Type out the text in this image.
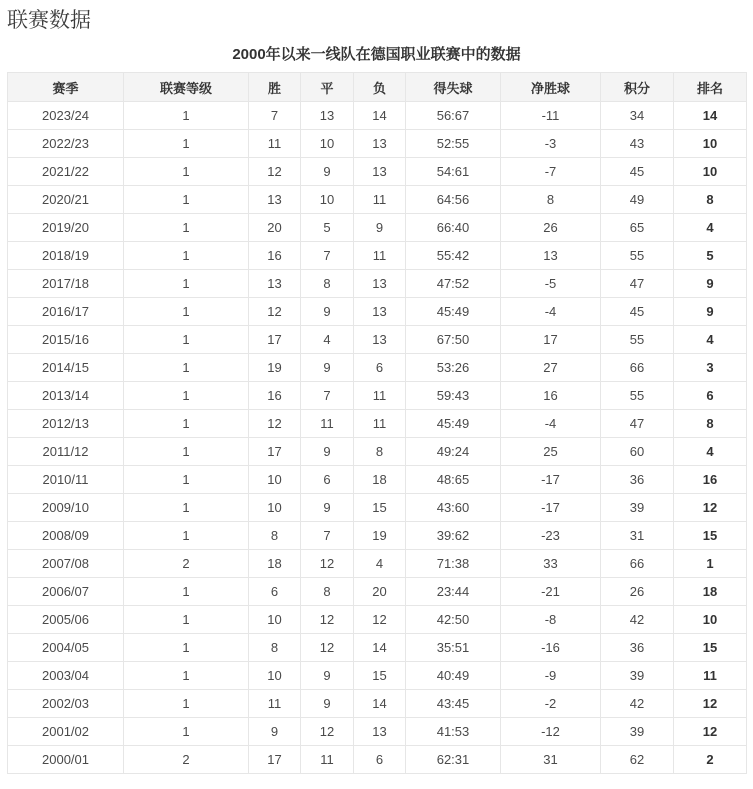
联赛数据
2000年以来一线队在德国职业联赛中的数据
赛季	联赛等级	胜	平	负	得失球	净胜球	积分	排名
2023/24	1	7	13	14	56:67	-11	34	14
2022/23	1	11	10	13	52:55	-3	43	10
2021/22	1	12	9	13	54:61	-7	45	10
2020/21	1	13	10	11	64:56	8	49	8
2019/20	1	20	5	9	66:40	26	65	4
2018/19	1	16	7	11	55:42	13	55	5
2017/18	1	13	8	13	47:52	-5	47	9
2016/17	1	12	9	13	45:49	-4	45	9
2015/16	1	17	4	13	67:50	17	55	4
2014/15	1	19	9	6	53:26	27	66	3
2013/14	1	16	7	11	59:43	16	55	6
2012/13	1	12	11	11	45:49	-4	47	8
2011/12	1	17	9	8	49:24	25	60	4
2010/11	1	10	6	18	48:65	-17	36	16
2009/10	1	10	9	15	43:60	-17	39	12
2008/09	1	8	7	19	39:62	-23	31	15
2007/08	2	18	12	4	71:38	33	66	1
2006/07	1	6	8	20	23:44	-21	26	18
2005/06	1	10	12	12	42:50	-8	42	10
2004/05	1	8	12	14	35:51	-16	36	15
2003/04	1	10	9	15	40:49	-9	39	11
2002/03	1	11	9	14	43:45	-2	42	12
2001/02	1	9	12	13	41:53	-12	39	12
2000/01	2	17	11	6	62:31	31	62	2
